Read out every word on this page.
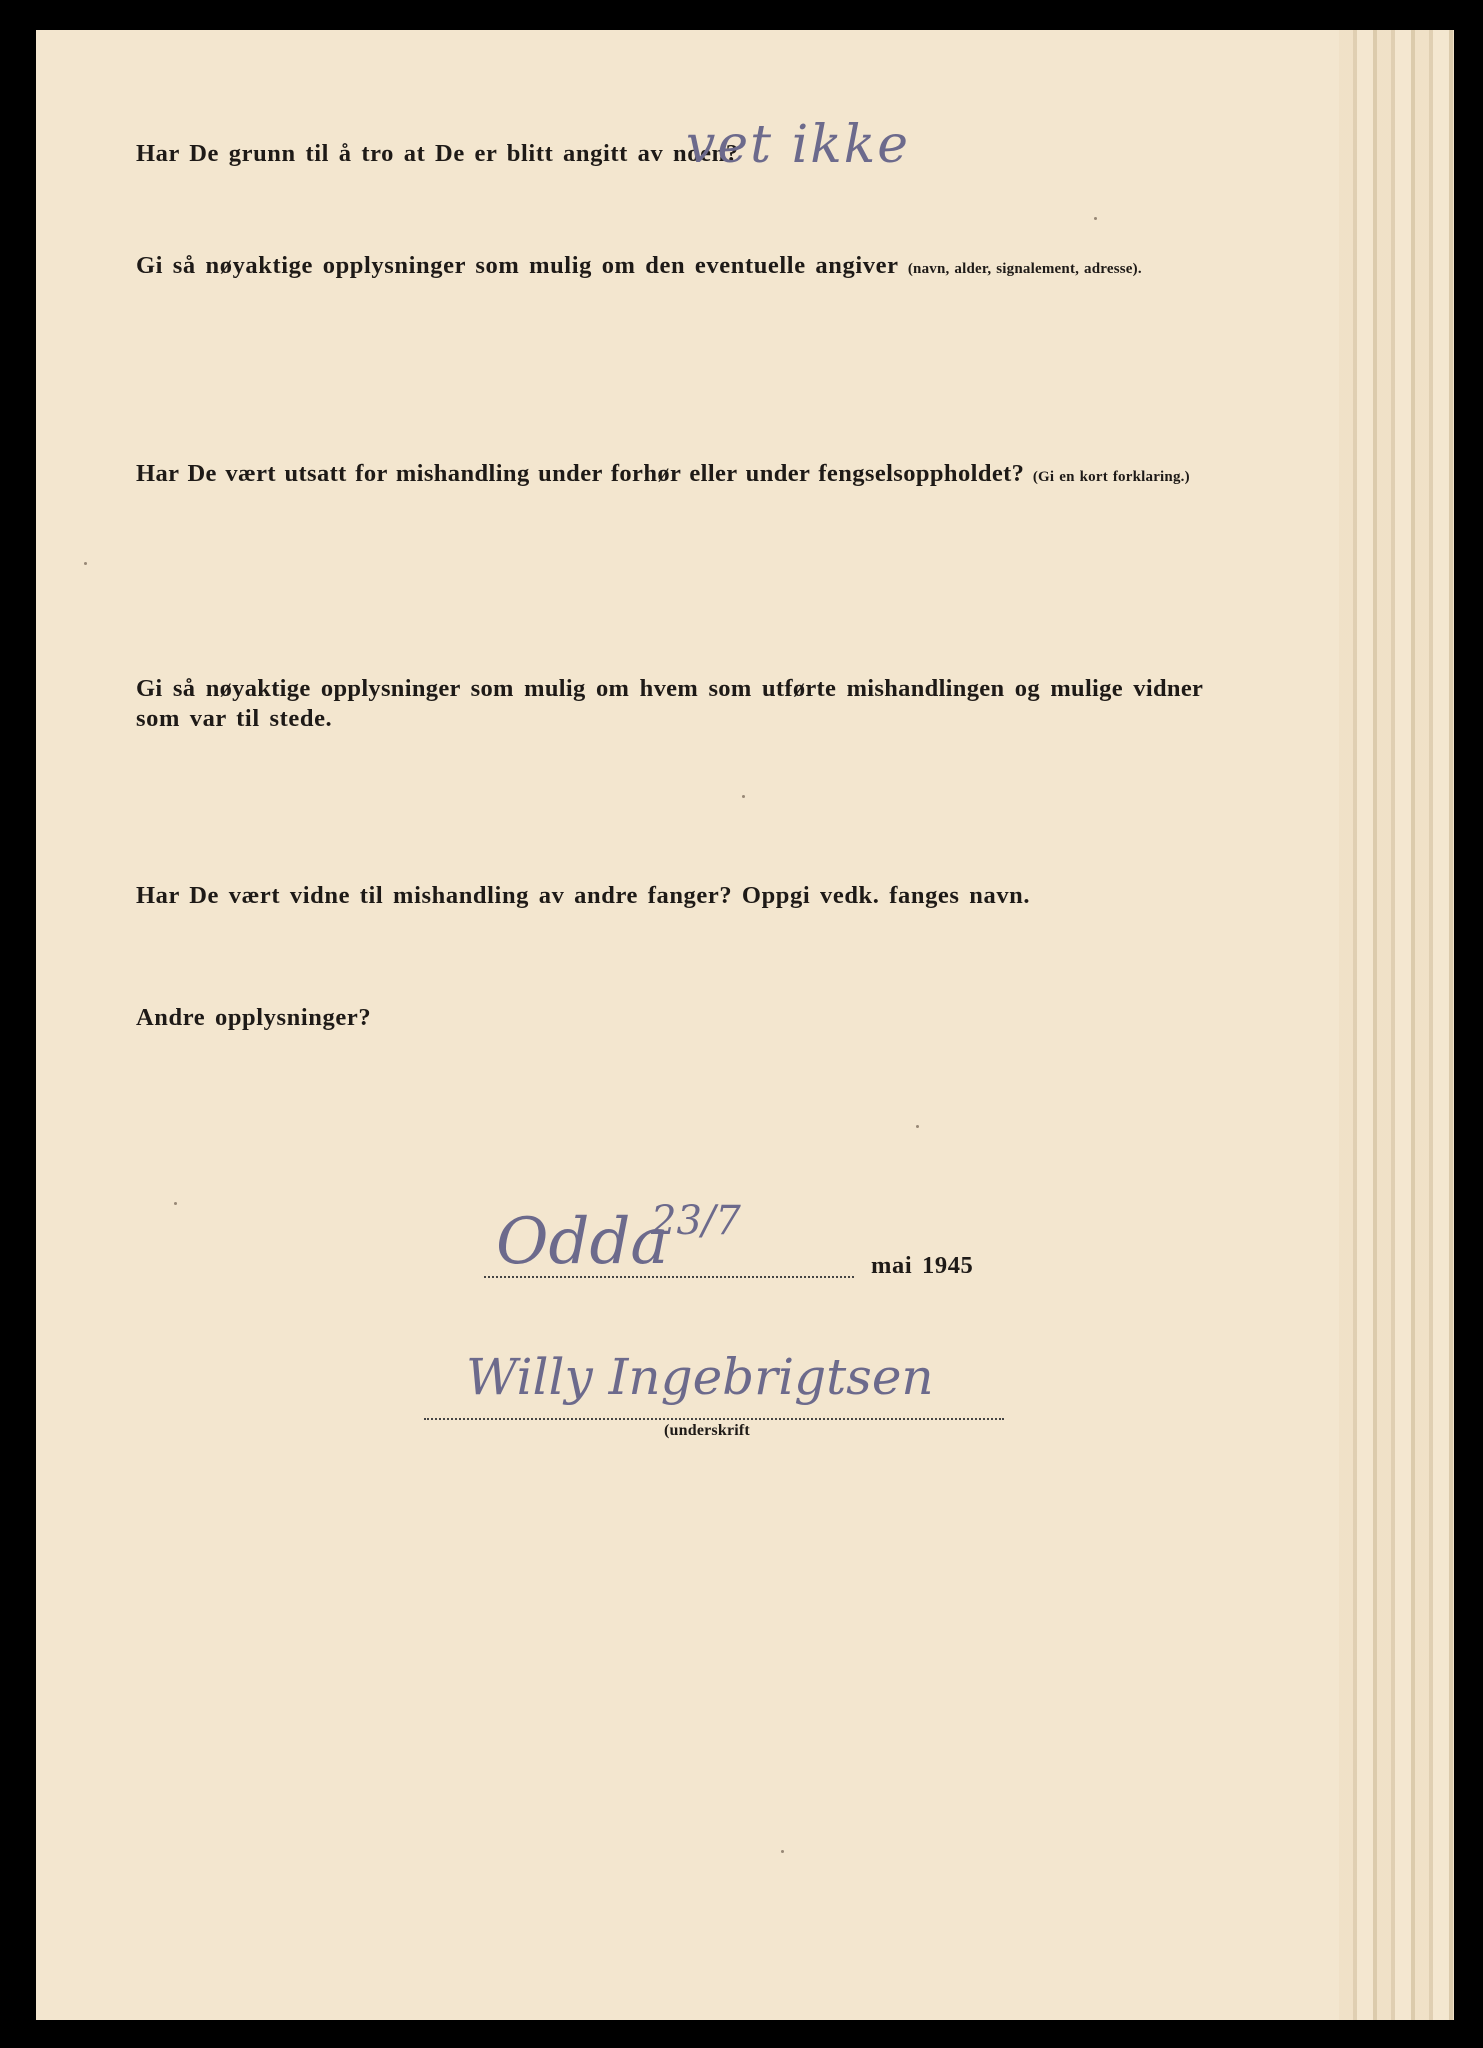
Har De grunn til å tro at De er blitt angitt av noen?
vet ikke
Gi så nøyaktige opplysninger som mulig om den eventuelle angiver (navn, alder, signalement, adresse).
Har De vært utsatt for mishandling under forhør eller under fengselsoppholdet? (Gi en kort forklaring.)
Gi så nøyaktige opplysninger som mulig om hvem som utførte mishandlingen og mulige vidner
som var til stede.
Har De vært vidne til mishandling av andre fanger? Oppgi vedk. fanges navn.
Andre opplysninger?
Odda
23/7
mai 1945
Willy Ingebrigtsen
(underskrift
